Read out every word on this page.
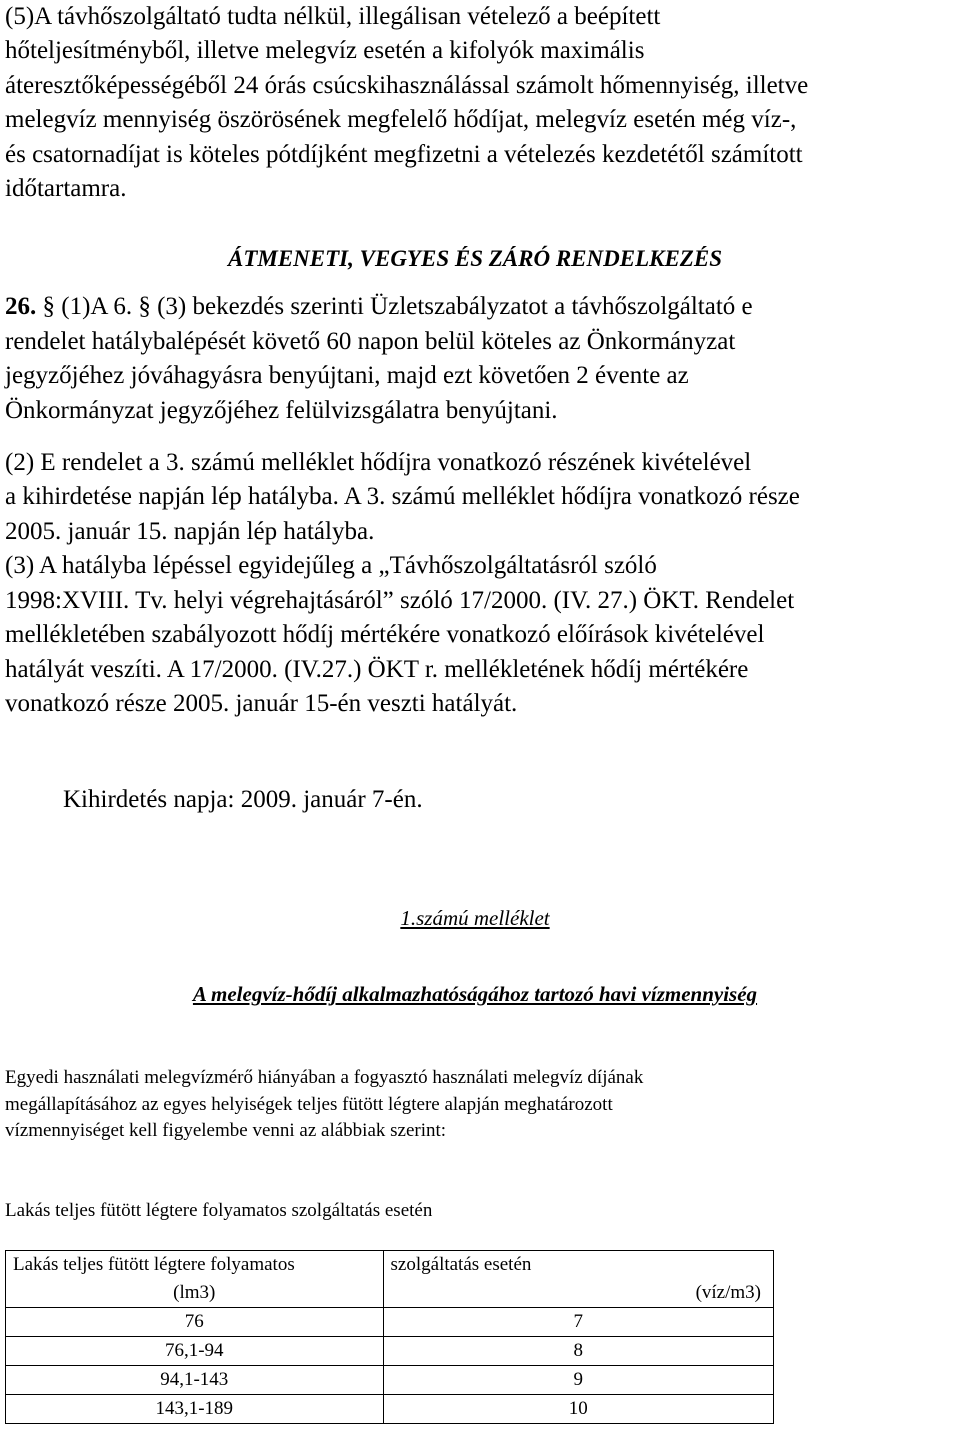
(5)A távhőszolgáltató tudta nélkül, illegálisan vételező a beépített

hőteljesítményből, illetve melegvíz esetén a kifolyók maximális

áteresztőképességéből 24 órás csúcskihasználással számolt hőmennyiség, illetve

melegvíz mennyiség öszörösének megfelelő hődíjat, melegvíz esetén még víz-,

és csatornadíjat is köteles pótdíjként megfizetni a vételezés kezdetétől számított

időtartamra.

ÁTMENETI, VEGYES ÉS ZÁRÓ RENDELKEZÉS

26. § (1)A 6. § (3) bekezdés szerinti Üzletszabályzatot a távhőszolgáltató e

rendelet hatálybalépését követő 60 napon belül köteles az Önkormányzat

jegyzőjéhez jóváhagyásra benyújtani, majd ezt követően 2 évente az

Önkormányzat jegyzőjéhez felülvizsgálatra benyújtani.

(2) E rendelet a 3. számú melléklet hődíjra vonatkozó részének kivételével

a kihirdetése napján lép hatályba. A 3. számú melléklet hődíjra vonatkozó része

2005. január 15. napján lép hatályba.

(3) A hatályba lépéssel egyidejűleg a „Távhőszolgáltatásról szóló

1998:XVIII. Tv. helyi végrehajtásáról” szóló 17/2000. (IV. 27.) ÖKT. Rendelet

mellékletében szabályozott hődíj mértékére vonatkozó előírások kivételével

hatályát veszíti. A 17/2000. (IV.27.) ÖKT r. mellékletének hődíj mértékére

vonatkozó része 2005. január 15-én veszti hatályát.

Kihirdetés napja: 2009. január 7-én.
1.számú melléklet
A melegvíz-hődíj alkalmazhatóságához tartozó havi vízmennyiség

Egyedi használati melegvízmérő hiányában a fogyasztó használati melegvíz díjának

megállapításához az egyes helyiségek teljes fütött légtere alapján meghatározott

vízmennyiséget kell figyelembe venni az alábbiak szerint:

Lakás teljes fütött légtere folyamatos szolgáltatás esetén
Lakás teljes fütött légtere folyamatos	szolgáltatás esetén
(lm3)	(víz/m3)
76	7
76,1-94	8
94,1-143	9
143,1-189	10
